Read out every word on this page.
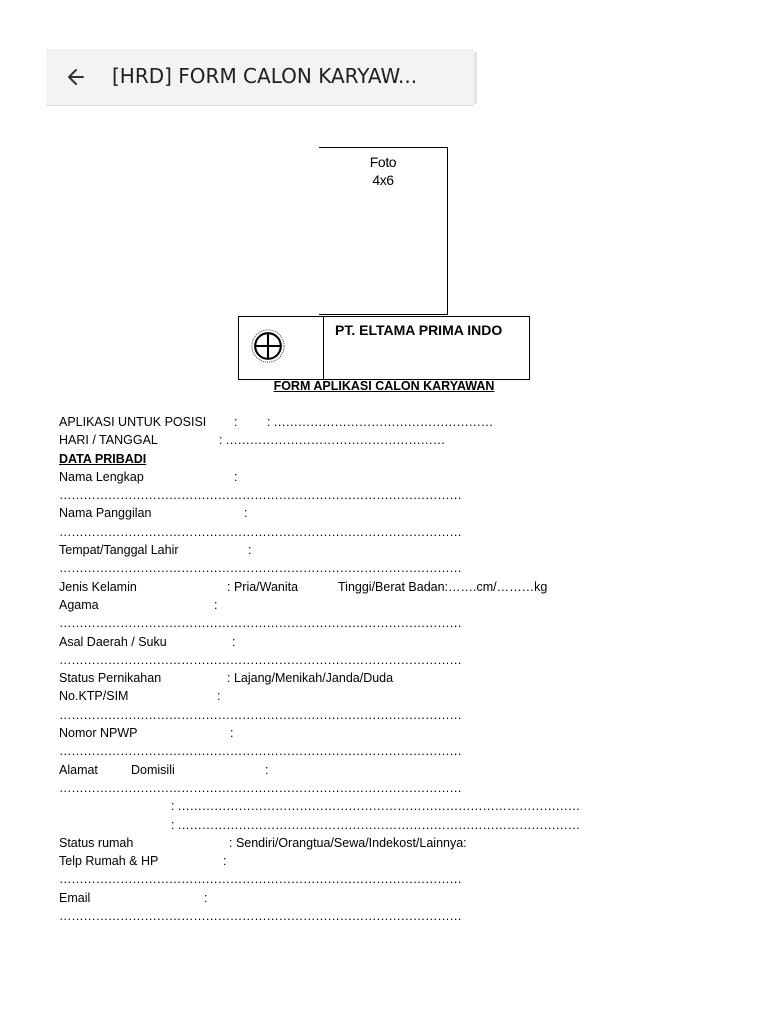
[HRD] FORM CALON KARYAW...
Foto
4x6
PT. ELTAMA PRIMA INDO
FORM APLIKASI CALON KARYAWAN
APLIKASI UNTUK POSISI : : ………………………………………………
HARI / TANGGAL	: ………………………………………………
DATA PRIBADI
Nama Lengkap	:
………………………………………………………………………………………
Nama Panggilan	:
………………………………………………………………………………………
Tempat/Tanggal Lahir	:
………………………………………………………………………………………
Jenis Kelamin	: Pria/Wanita	Tinggi/Berat Badan:…….cm/………kg
Agama	:
………………………………………………………………………………………
Asal Daerah / Suku	:
………………………………………………………………………………………
Status Pernikahan	: Lajang/Menikah/Janda/Duda
No.KTP/SIM	:
………………………………………………………………………………………
Nomor NPWP	:
………………………………………………………………………………………
Alamat	Domisili	:
………………………………………………………………………………………
: ………………………………………………………………………………………
: ………………………………………………………………………………………
Status rumah	: Sendiri/Orangtua/Sewa/Indekost/Lainnya:
Telp Rumah & HP	:
………………………………………………………………………………………
Email	:
………………………………………………………………………………………
